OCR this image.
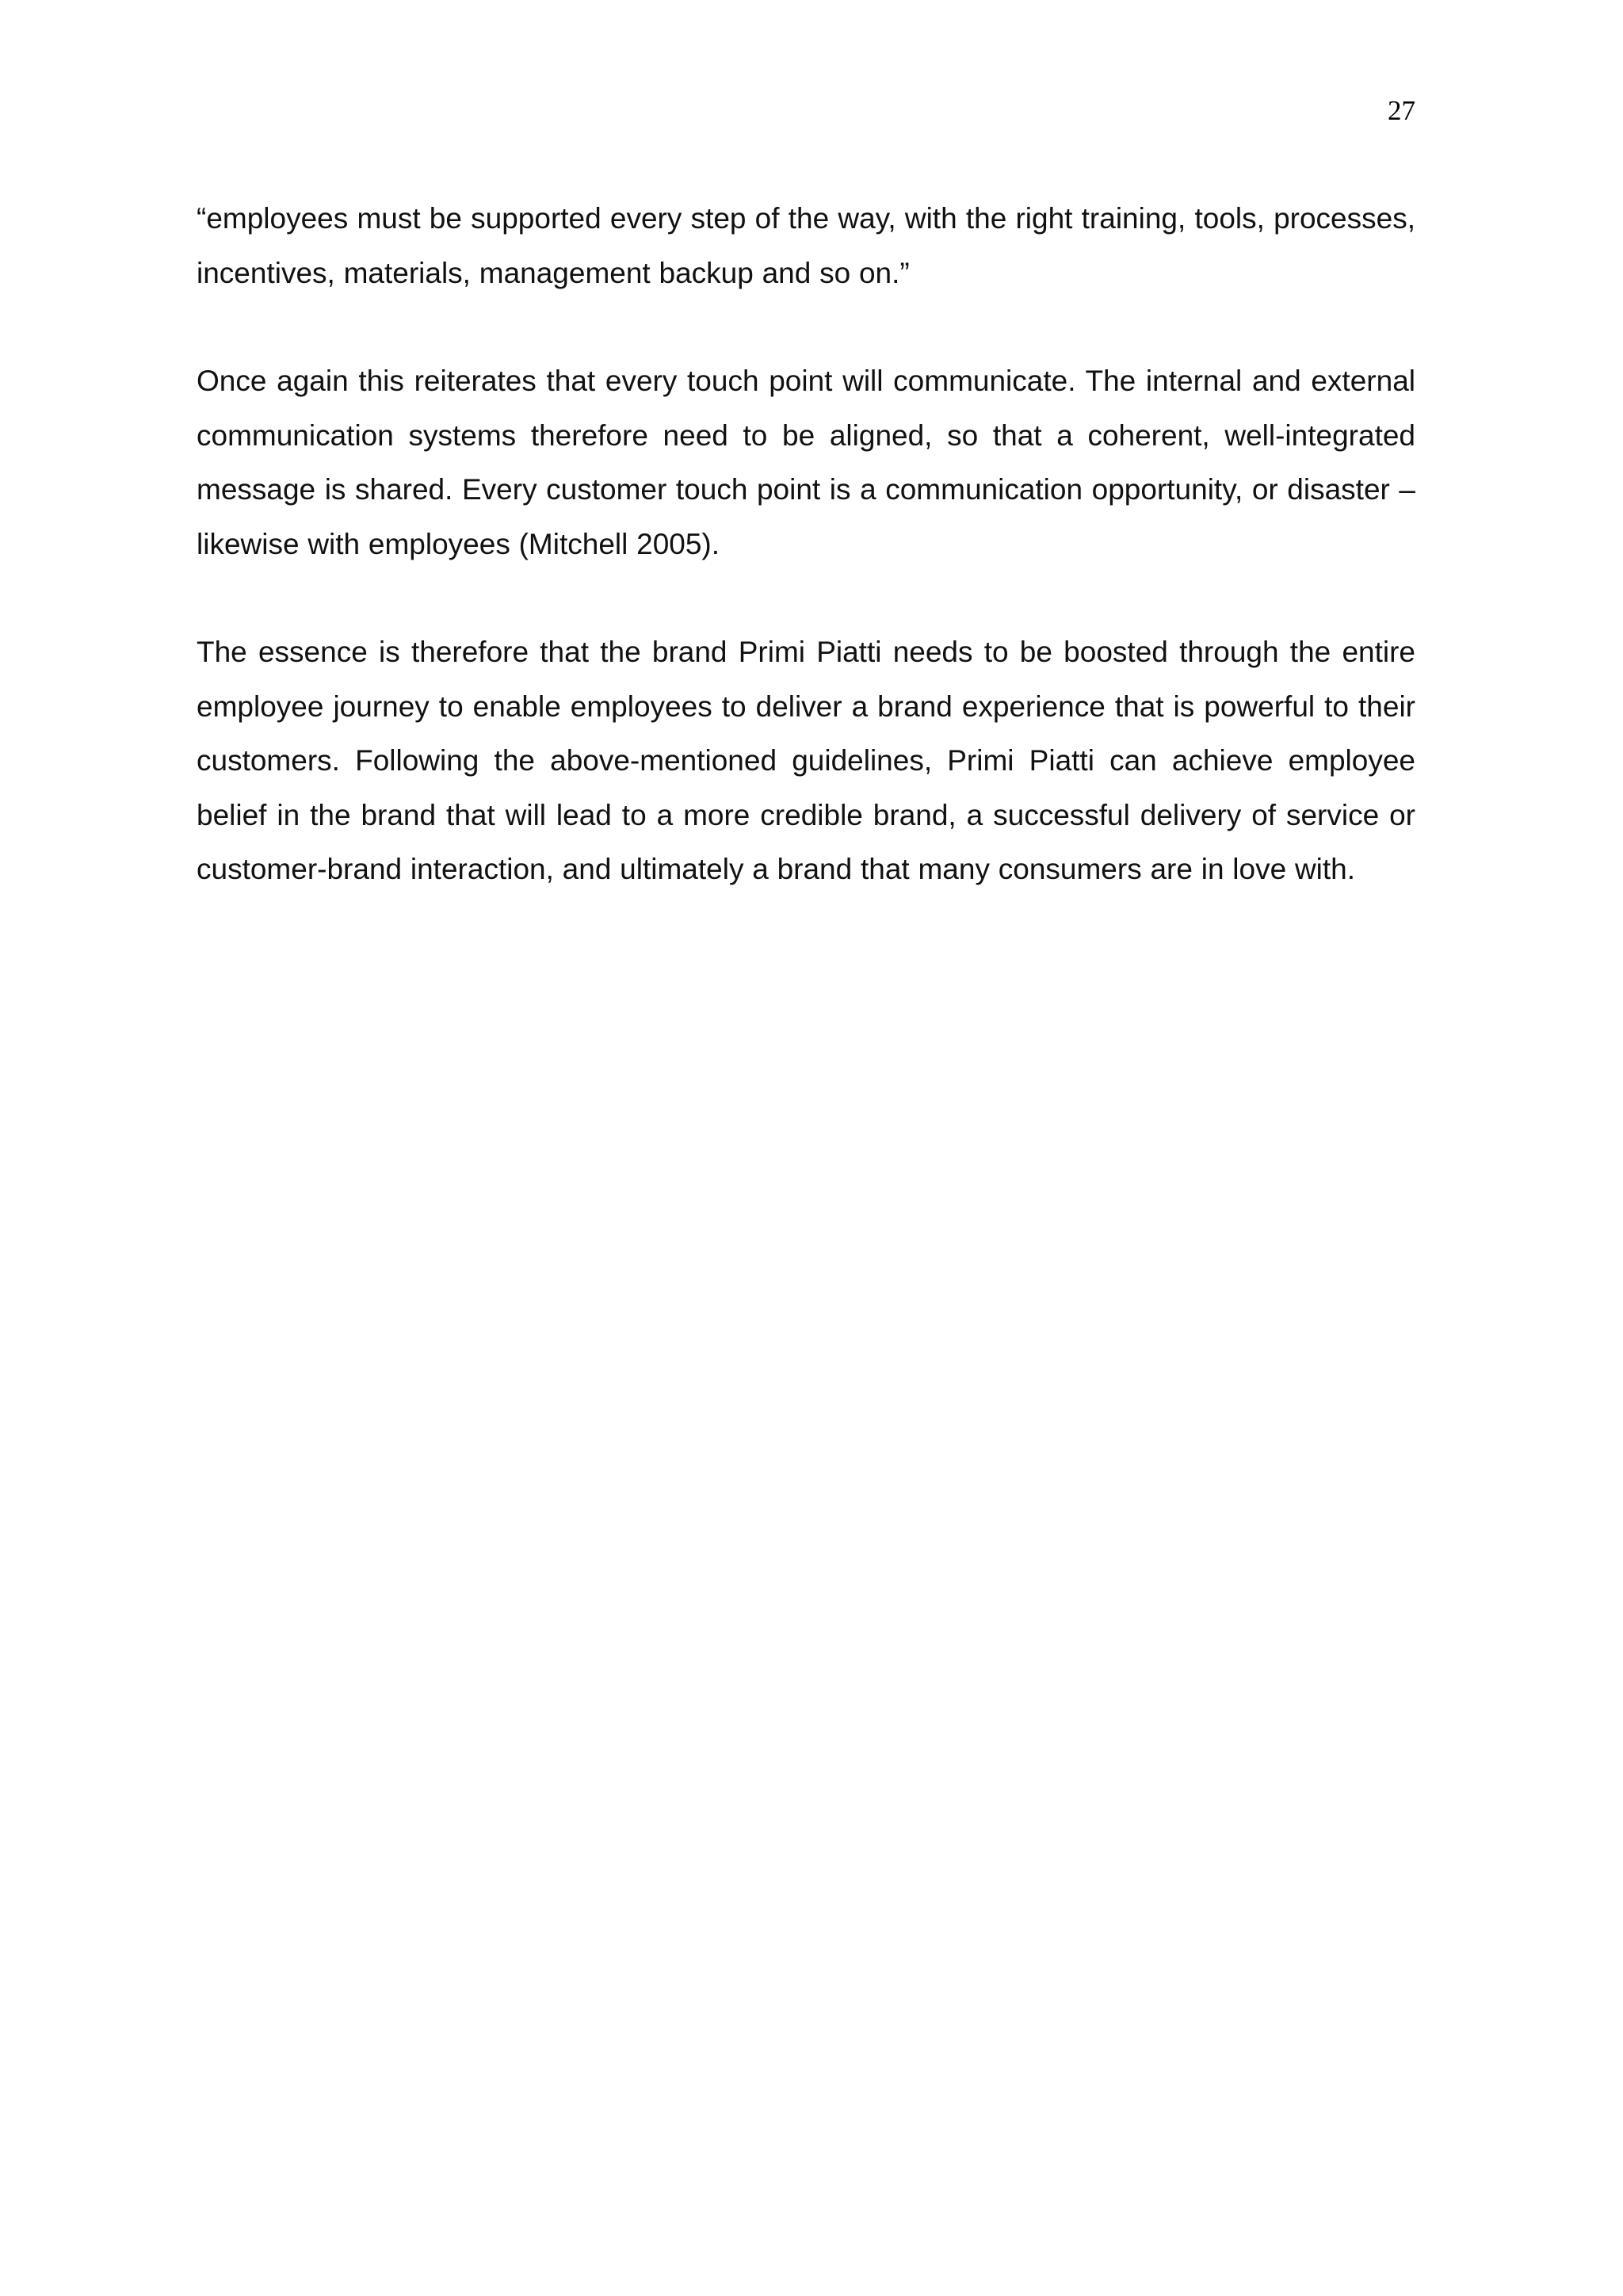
27

“employees must be supported every step of the way, with the right training, tools, processes, incentives, materials, management backup and so on.”

Once again this reiterates that every touch point will communicate. The internal and external communication systems therefore need to be aligned, so that a coherent, well-integrated message is shared. Every customer touch point is a communication opportunity, or disaster – likewise with employees (Mitchell 2005).

The essence is therefore that the brand Primi Piatti needs to be boosted through the entire employee journey to enable employees to deliver a brand experience that is powerful to their customers. Following the above-mentioned guidelines, Primi Piatti can achieve employee belief in the brand that will lead to a more credible brand, a successful delivery of service or customer-brand interaction, and ultimately a brand that many consumers are in love with.
